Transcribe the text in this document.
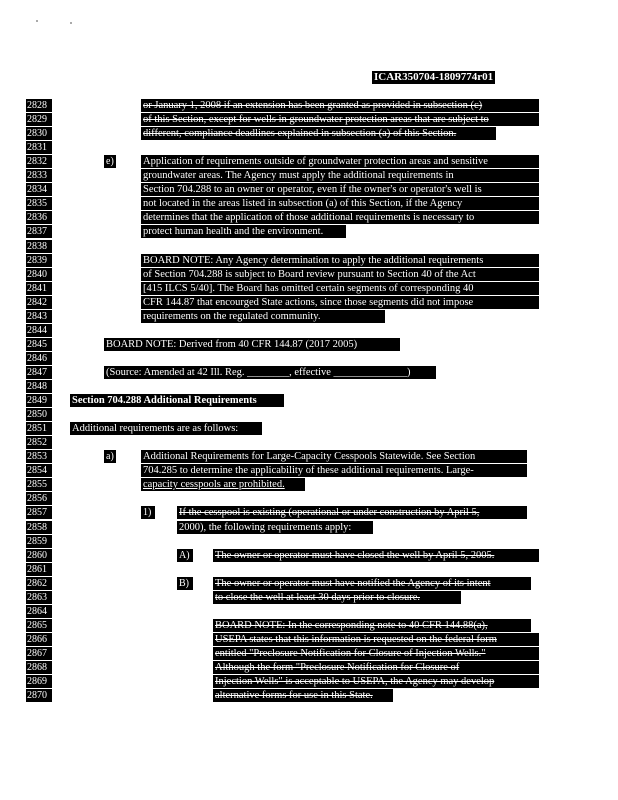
ICAR350704-1809774r01
2828	or January 1, 2008 if an extension has been granted as provided in subsection (c)
2829	of this Section, except for wells in groundwater protection areas that are subject to
2830	different, compliance deadlines explained in subsection (a) of this Section.
2831
2832	e)	Application of requirements outside of groundwater protection areas and sensitive
2833	groundwater areas. The Agency must apply the additional requirements in
2834	Section 704.288 to an owner or operator, even if the owner's or operator's well is
2835	not located in the areas listed in subsection (a) of this Section, if the Agency
2836	determines that the application of those additional requirements is necessary to
2837	protect human health and the environment.
2838
2839	BOARD NOTE: Any Agency determination to apply the additional requirements
2840	of Section 704.288 is subject to Board review pursuant to Section 40 of the Act
2841	[415 ILCS 5/40]. The Board has omitted certain segments of corresponding 40
2842	CFR 144.87 that encourged State actions, since those segments did not impose
2843	requirements on the regulated community.
2844
2845	BOARD NOTE: Derived from 40 CFR 144.87 (2017 2005)
2846
2847	(Source: Amended at 42 Ill. Reg. ________, effective ______________)
2848
2849	Section 704.288 Additional Requirements
2850
2851	Additional requirements are as follows:
2852
2853	a)	Additional Requirements for Large-Capacity Cesspools Statewide. See Section
2854	704.285 to determine the applicability of these additional requirements. Large-
2855	capacity cesspools are prohibited.
2856
2857	1)	If the cesspool is existing (operational or under construction by April 5,
2858	2000), the following requirements apply:
2859
2860	A)	The owner or operator must have closed the well by April 5, 2005.
2861
2862	B)	The owner or operator must have notified the Agency of its intent
2863	to close the well at least 30 days prior to closure.
2864
2865	BOARD NOTE: In the corresponding note to 40 CFR 144.88(a),
2866	USEPA states that this information is requested on the federal form
2867	entitled "Preclosure Notification for Closure of Injection Wells."
2868	Although the form "Preclosure Notification for Closure of
2869	Injection Wells" is acceptable to USEPA, the Agency may develop
2870	alternative forms for use in this State.
